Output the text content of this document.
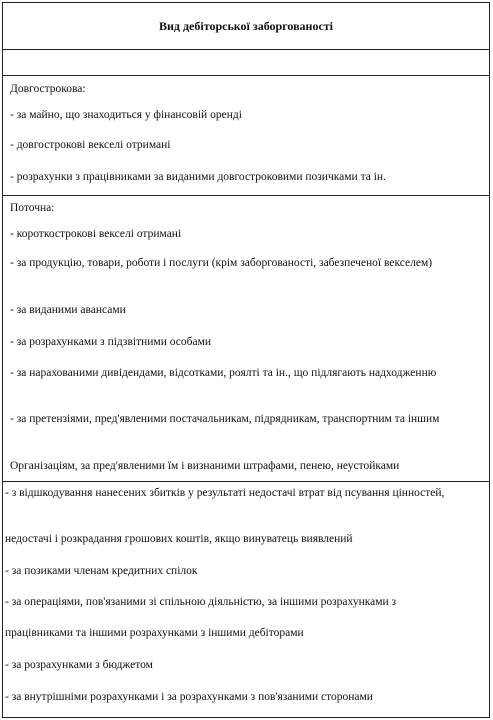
Вид дебіторської заборгованості
Довгострокова:
- за майно, що знаходиться у фінансовій оренді
- довгострокові векселі отримані
- розрахунки з працівниками за виданими довгостроковими позичками та ін.
Поточна:
- короткострокові векселі отримані
- за продукцію, товари, роботи і послуги (крім заборгованості, забезпеченої векселем)
- за виданими авансами
- за розрахунками з підзвітними особами
- за нарахованими дивідендами, відсотками, роялті та ін., що підлягають надходженню
- за претензіями, пред'явленими постачальникам, підрядникам, транспортним та іншим
Організаціям, за пред'явленими їм і визнаними штрафами, пенею, неустойками
- з відшкодування нанесених збитків у результаті недостачі втрат від псування цінностей,
недостачі і розкрадання грошових коштів, якщо винуватець виявлений
- за позиками членам кредитних спілок
- за операціями, пов'язаними зі спільною діяльністю, за іншими розрахунками з
працівниками та іншими розрахунками з іншими дебіторами
- за розрахунками з бюджетом
- за внутрішніми розрахунками і за розрахунками з пов'язаними сторонами
